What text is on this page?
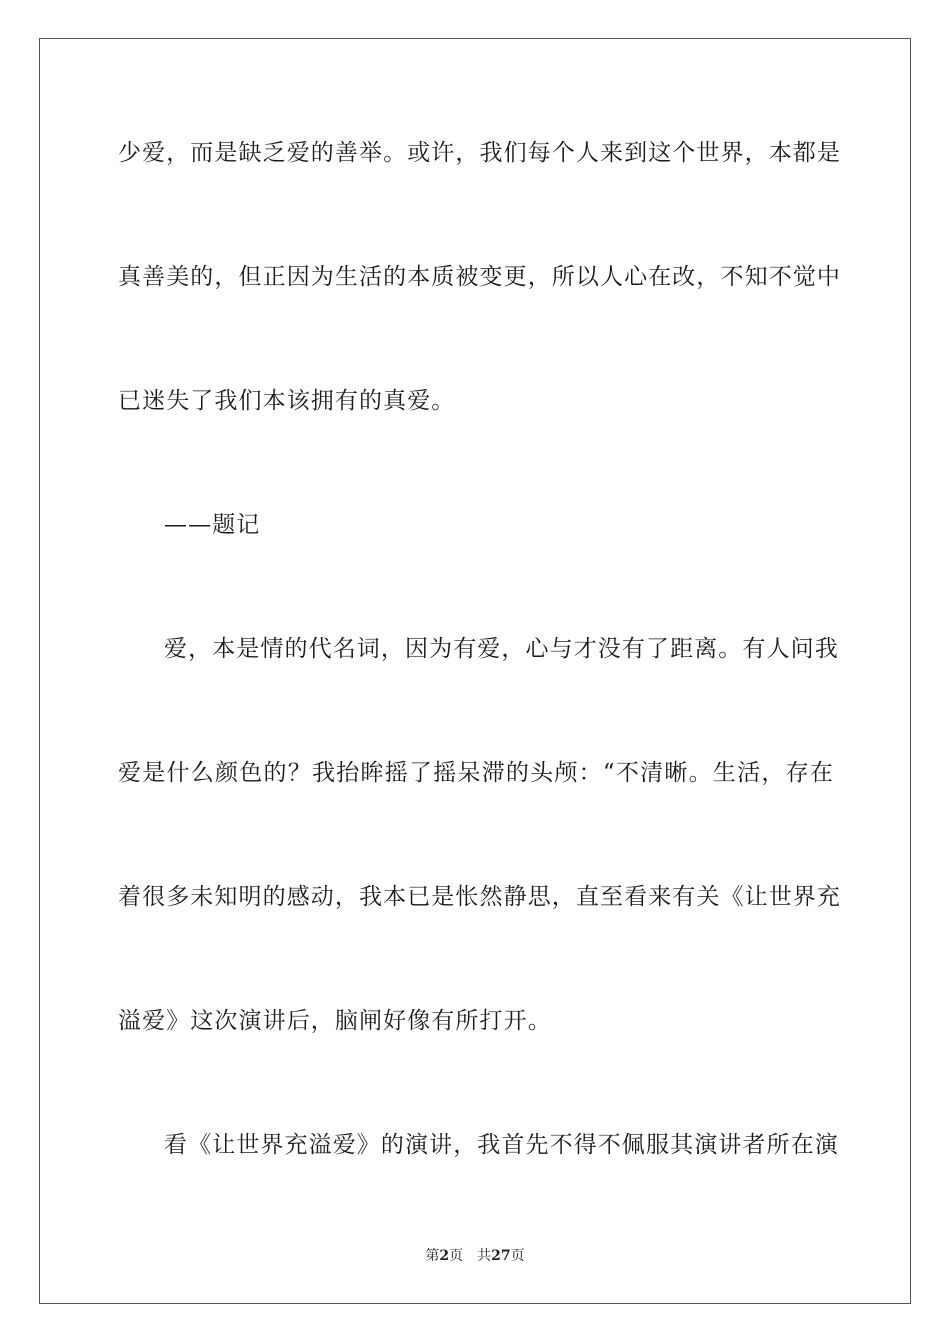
少爱，而是缺乏爱的善举。或许，我们每个人来到这个世界，本都是
真善美的，但正因为生活的本质被变更，所以人心在改，不知不觉中
已迷失了我们本该拥有的真爱。
——题记
爱，本是情的代名词，因为有爱，心与才没有了距离。有人问我
爱是什么颜色的？我抬眸摇了摇呆滞的头颅：“不清晰。生活，存在
着很多未知明的感动，我本已是怅然静思，直至看来有关《让世界充
溢爱》这次演讲后，脑闸好像有所打开。
看《让世界充溢爱》的演讲，我首先不得不佩服其演讲者所在演
第2页 共27页
